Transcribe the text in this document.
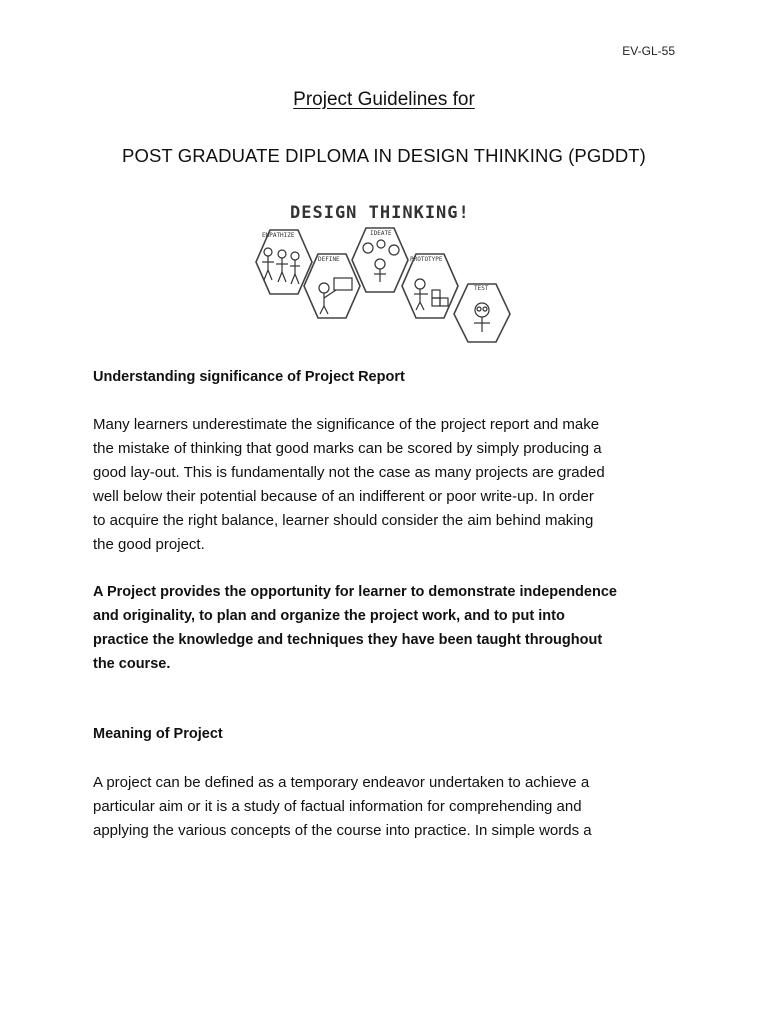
EV-GL-55
Project Guidelines for
POST GRADUATE DIPLOMA IN DESIGN THINKING (PGDDT)
DESIGN THINKING!
EMPATHIZE
DEFINE
IDEATE
PROTOTYPE
TEST
Understanding significance of Project Report
Many learners underestimate the significance of the project report and make
the mistake of thinking that good marks can be scored by simply producing a
good lay-out. This is fundamentally not the case as many projects are graded
well below their potential because of an indifferent or poor write-up. In order
to acquire the right balance, learner should consider the aim behind making
the good project.
A Project provides the opportunity for learner to demonstrate independence
and originality, to plan and organize the project work, and to put into
practice the knowledge and techniques they have been taught throughout
the course.
Meaning of Project
A project can be defined as a temporary endeavor undertaken to achieve a
particular aim or it is a study of factual information for comprehending and
applying the various concepts of the course into practice. In simple words a
